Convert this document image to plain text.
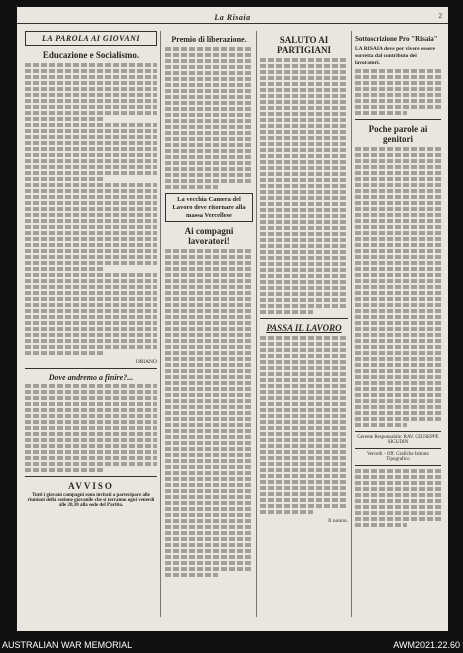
La Risaia	2
LA PAROLA AI GIOVANI
Educazione e Socialismo.
ORIANO
Dove andremo a finire?...
AVVISO
Tutti i giovani compagni sono invitati a partecipare alle riunioni della sezione giovanile che si terranno ogni venerdì alle 20,30 alla sede del Partito.
Premio di liberazione.
La vecchia Camera del Lavoro deve ritornare alla massa Vercellese
Ai compagni lavoratori!
SALUTO AI PARTIGIANI
PASSA IL LAVORO
Il nonno.
Sottoscrizione Pro "Risaia"
LA RISAIA deve per vivere essere sorretta dal contributo dei lavoratori.
Poche parole ai genitori
Gerente Responsabile: RAV. GIUSEPPE SIGUDIN
Vercelli - Off. Grafiche Istituto Tipografico
AUSTRALIAN WAR MEMORIAL	AWM2021.22.60
